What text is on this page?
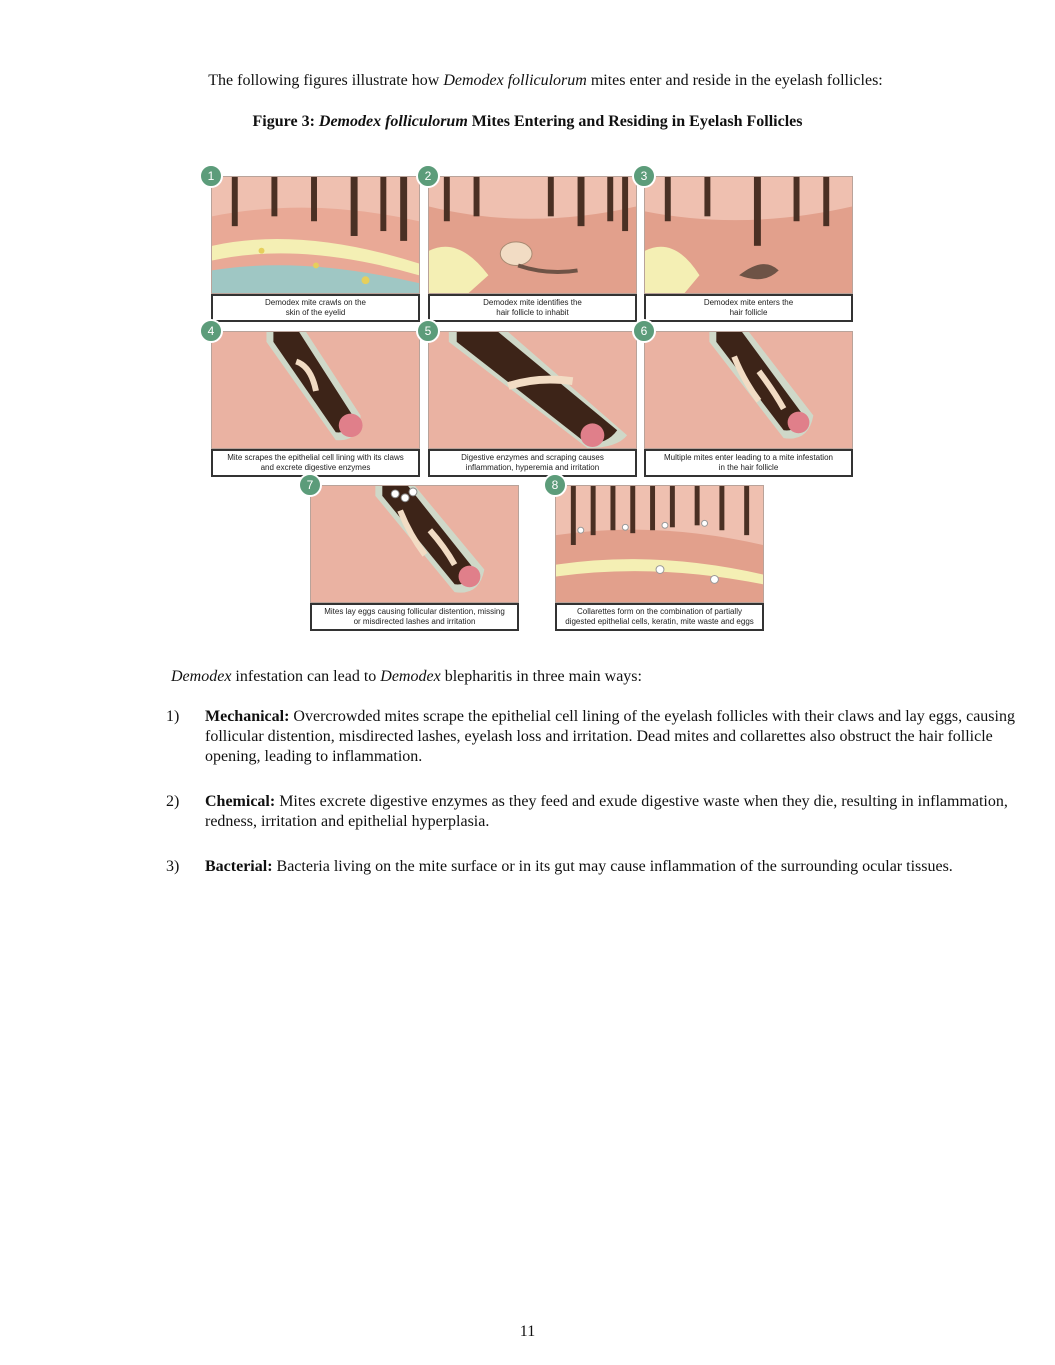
The following figures illustrate how Demodex folliculorum mites enter and reside in the eyelash follicles:

Figure 3: Demodex folliculorum Mites Entering and Residing in Eyelash Follicles

Demodex mite crawls on the
skin of the eyelid
1
Demodex mite identifies the
hair follicle to inhabit
2
Demodex mite enters the
hair follicle
3
Mite scrapes the epithelial cell lining with its claws
and excrete digestive enzymes
4
Digestive enzymes and scraping causes
inflammation, hyperemia and irritation
5
Multiple mites enter leading to a mite infestation
in the hair follicle
6
Mites lay eggs causing follicular distention, missing
or misdirected lashes and irritation
7
Collarettes form on the combination of partially
digested epithelial cells, keratin, mite waste and eggs
8

Demodex infestation can lead to Demodex blepharitis in three main ways:

1) Mechanical: Overcrowded mites scrape the epithelial cell lining of the eyelash follicles with their claws and lay eggs, causing follicular distention, misdirected lashes, eyelash loss and irritation. Dead mites and collarettes also obstruct the hair follicle opening, leading to inflammation.
2) Chemical: Mites excrete digestive enzymes as they feed and exude digestive waste when they die, resulting in inflammation, redness, irritation and epithelial hyperplasia.
3) Bacterial: Bacteria living on the mite surface or in its gut may cause inflammation of the surrounding ocular tissues.
11
